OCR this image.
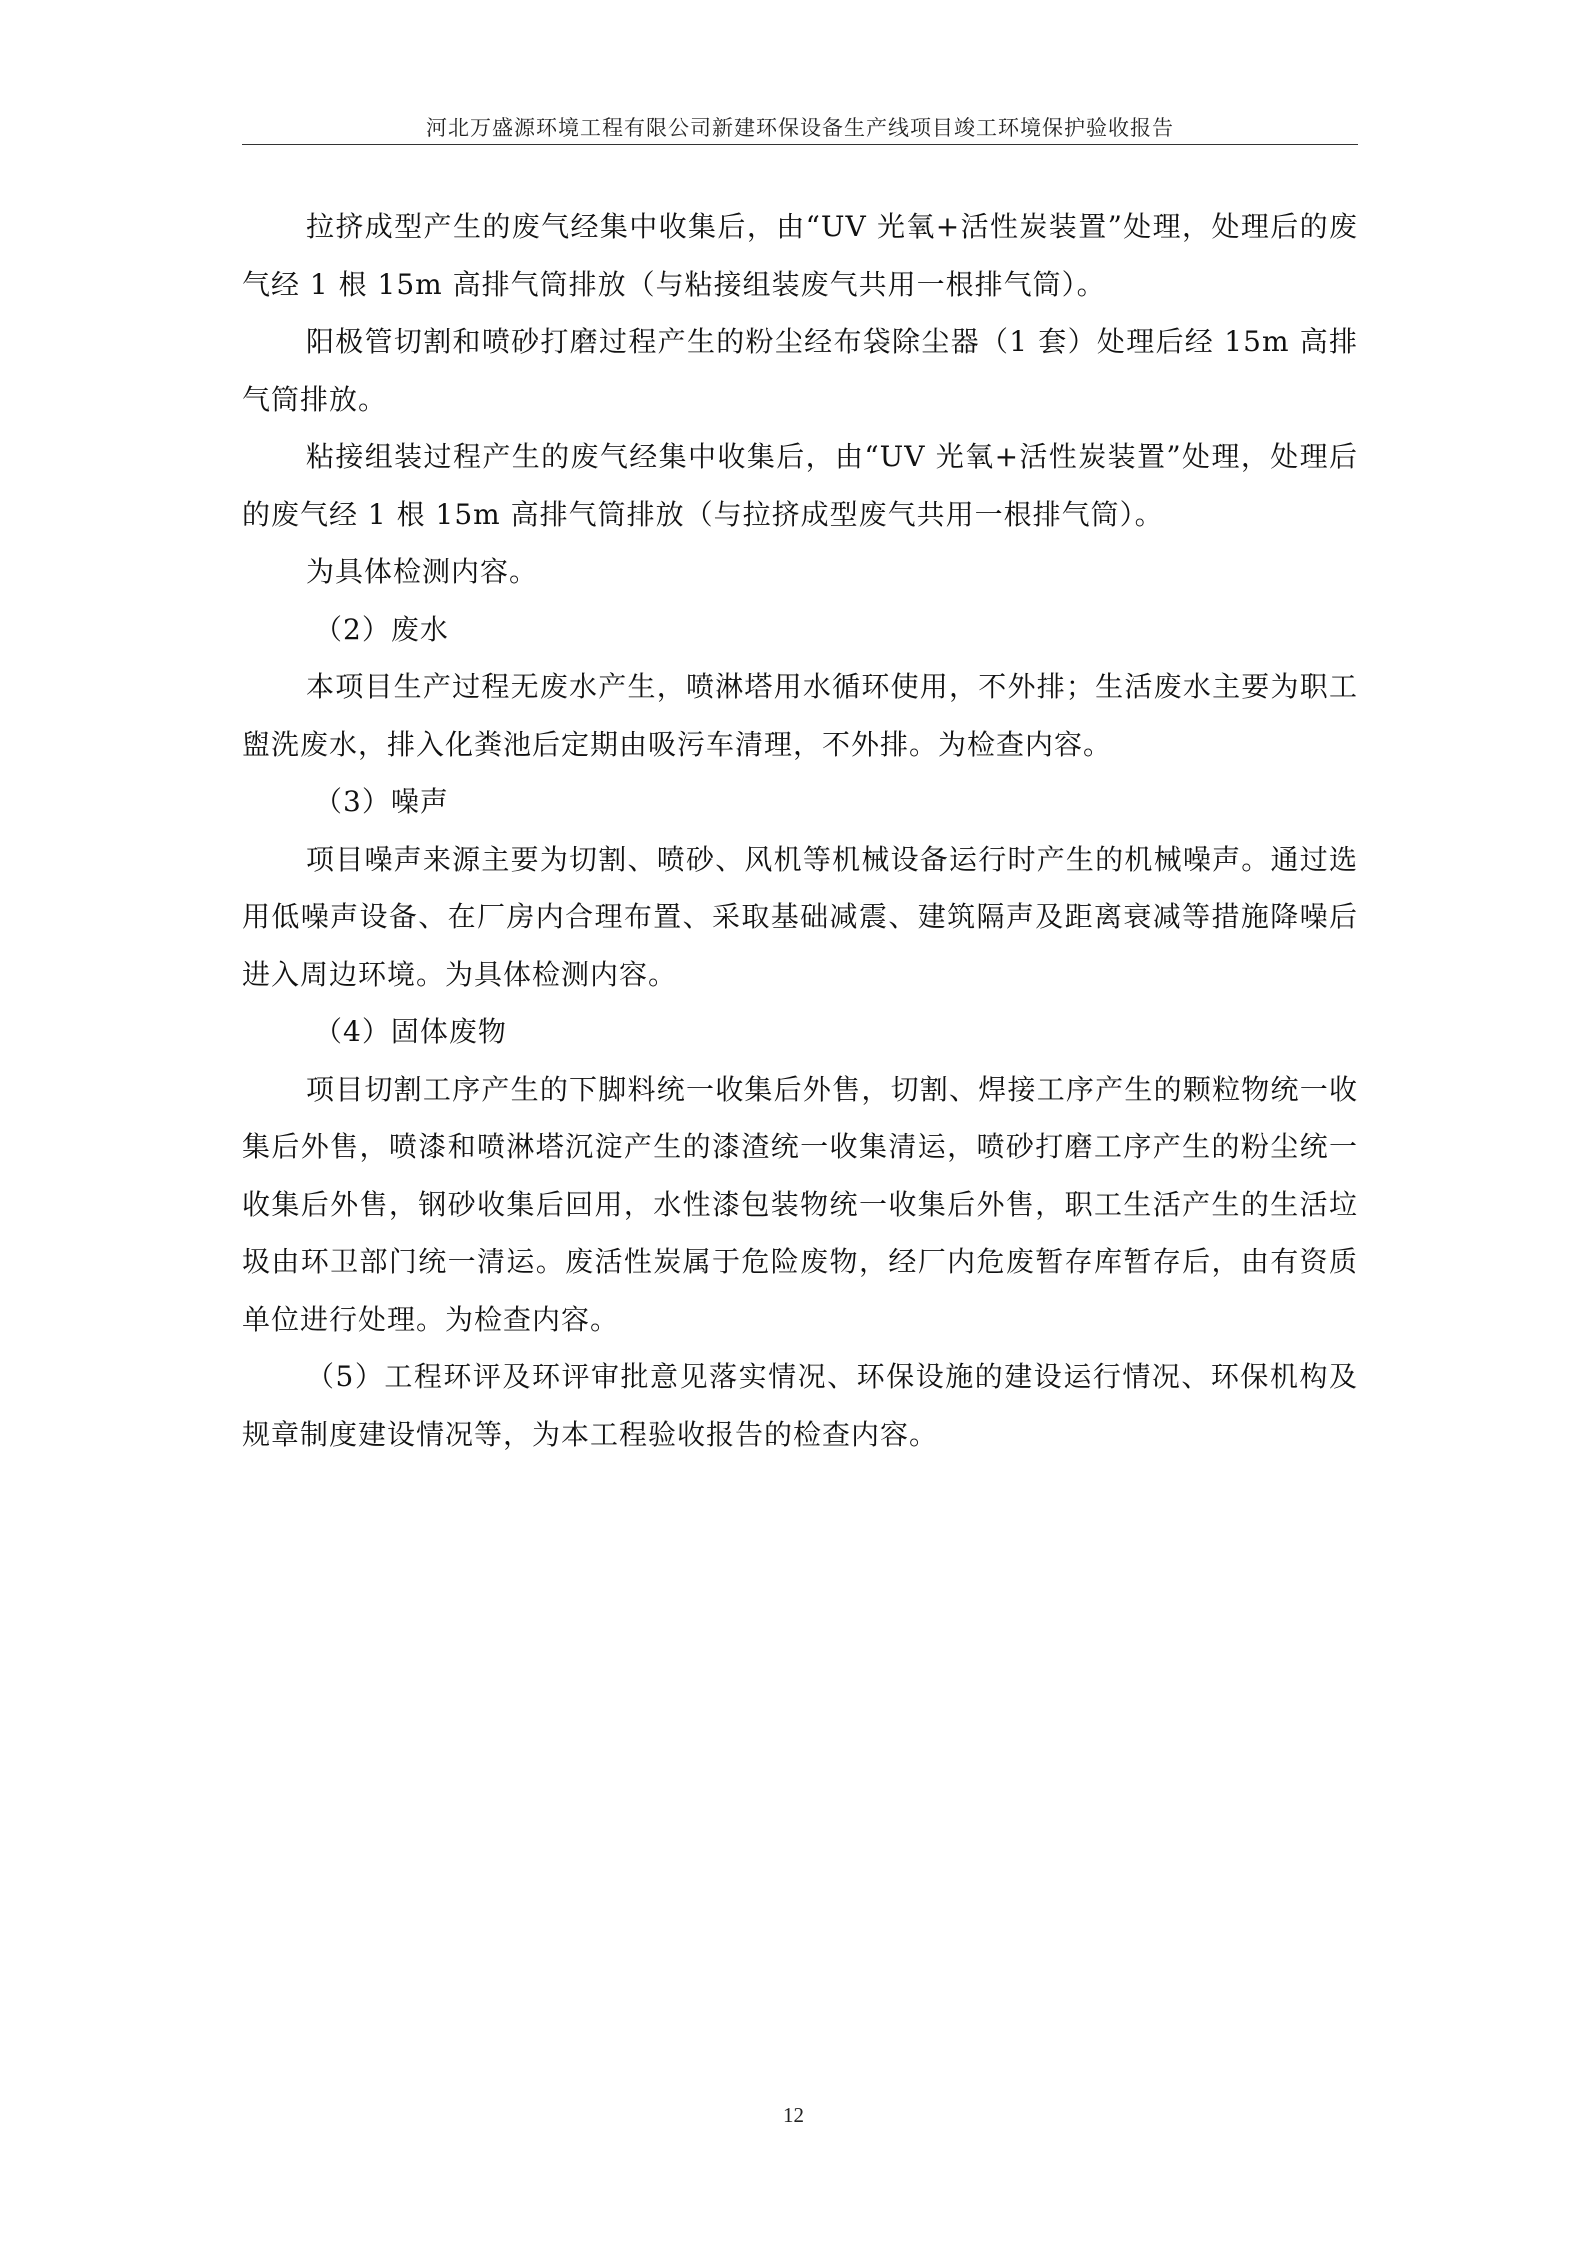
河北万盛源环境工程有限公司新建环保设备生产线项目竣工环境保护验收报告

拉挤成型产生的废气经集中收集后，由“UV 光氧+活性炭装置”处理，处理后的废气经 1 根 15m 高排气筒排放（与粘接组装废气共用一根排气筒）。

阳极管切割和喷砂打磨过程产生的粉尘经布袋除尘器（1 套）处理后经 15m 高排气筒排放。

粘接组装过程产生的废气经集中收集后，由“UV 光氧+活性炭装置”处理，处理后的废气经 1 根 15m 高排气筒排放（与拉挤成型废气共用一根排气筒）。

为具体检测内容。

（2）废水

本项目生产过程无废水产生，喷淋塔用水循环使用，不外排；生活废水主要为职工盥洗废水，排入化粪池后定期由吸污车清理，不外排。为检查内容。

（3）噪声

项目噪声来源主要为切割、喷砂、风机等机械设备运行时产生的机械噪声。通过选用低噪声设备、在厂房内合理布置、采取基础减震、建筑隔声及距离衰减等措施降噪后进入周边环境。为具体检测内容。

（4）固体废物

项目切割工序产生的下脚料统一收集后外售，切割、焊接工序产生的颗粒物统一收集后外售，喷漆和喷淋塔沉淀产生的漆渣统一收集清运，喷砂打磨工序产生的粉尘统一收集后外售，钢砂收集后回用，水性漆包装物统一收集后外售，职工生活产生的生活垃圾由环卫部门统一清运。废活性炭属于危险废物，经厂内危废暂存库暂存后，由有资质单位进行处理。为检查内容。

（5）工程环评及环评审批意见落实情况、环保设施的建设运行情况、环保机构及规章制度建设情况等，为本工程验收报告的检查内容。

12
